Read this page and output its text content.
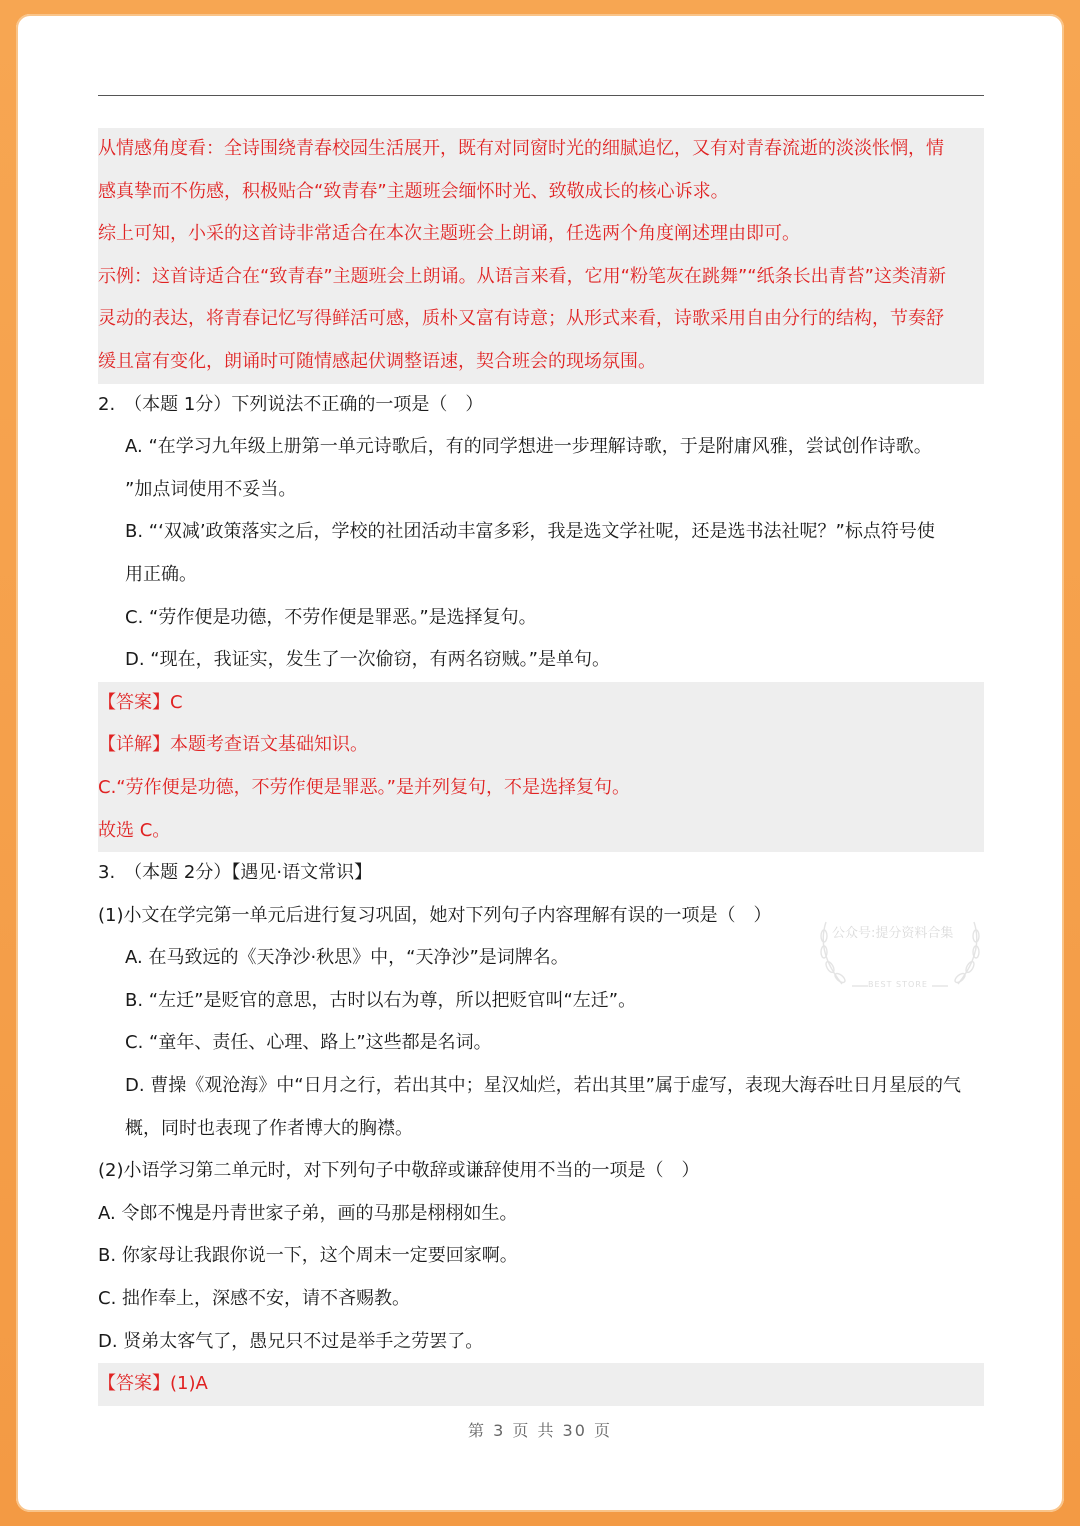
从情感角度看：全诗围绕青春校园生活展开，既有对同窗时光的细腻追忆，又有对青春流逝的淡淡怅惘，情
感真挚而不伤感，积极贴合“致青春”主题班会缅怀时光、致敬成长的核心诉求。
综上可知，小采的这首诗非常适合在本次主题班会上朗诵，任选两个角度阐述理由即可。
示例：这首诗适合在“致青春”主题班会上朗诵。从语言来看，它用“粉笔灰在跳舞”“纸条长出青苔”这类清新
灵动的表达，将青春记忆写得鲜活可感，质朴又富有诗意；从形式来看，诗歌采用自由分行的结构，节奏舒
缓且富有变化，朗诵时可随情感起伏调整语速，契合班会的现场氛围。
2.　（本题 1分）下列说法不正确的一项是（　）
A. “在学习九年级上册第一单元诗歌后，有的同学想进一步理解诗歌，于是附庸风雅，尝试创作诗歌。
”加点词使用不妥当。
B. “‘双减’政策落实之后，学校的社团活动丰富多彩，我是选文学社呢，还是选书法社呢？”标点符号使
用正确。
C. “劳作便是功德，不劳作便是罪恶。”是选择复句。
D. “现在，我证实，发生了一次偷窃，有两名窃贼。”是单句。
【答案】C
【详解】本题考查语文基础知识。
C.“劳作便是功德，不劳作便是罪恶。”是并列复句，不是选择复句。
故选 C。
3.　（本题 2分）【遇见·语文常识】
(1)小文在学完第一单元后进行复习巩固，她对下列句子内容理解有误的一项是（　）
A. 在马致远的《天净沙·秋思》中，“天净沙”是词牌名。
B. “左迁”是贬官的意思，古时以右为尊，所以把贬官叫“左迁”。
C. “童年、责任、心理、路上”这些都是名词。
D. 曹操《观沧海》中“日月之行，若出其中；星汉灿烂，若出其里”属于虚写，表现大海吞吐日月星辰的气
概，同时也表现了作者博大的胸襟。
(2)小语学习第二单元时，对下列句子中敬辞或谦辞使用不当的一项是（　）
A. 令郎不愧是丹青世家子弟，画的马那是栩栩如生。
B. 你家母让我跟你说一下，这个周末一定要回家啊。
C. 拙作奉上，深感不安，请不吝赐教。
D. 贤弟太客气了，愚兄只不过是举手之劳罢了。
【答案】(1)A
公众号:提分资料合集
BEST STORE
第 3 页 共 30 页
